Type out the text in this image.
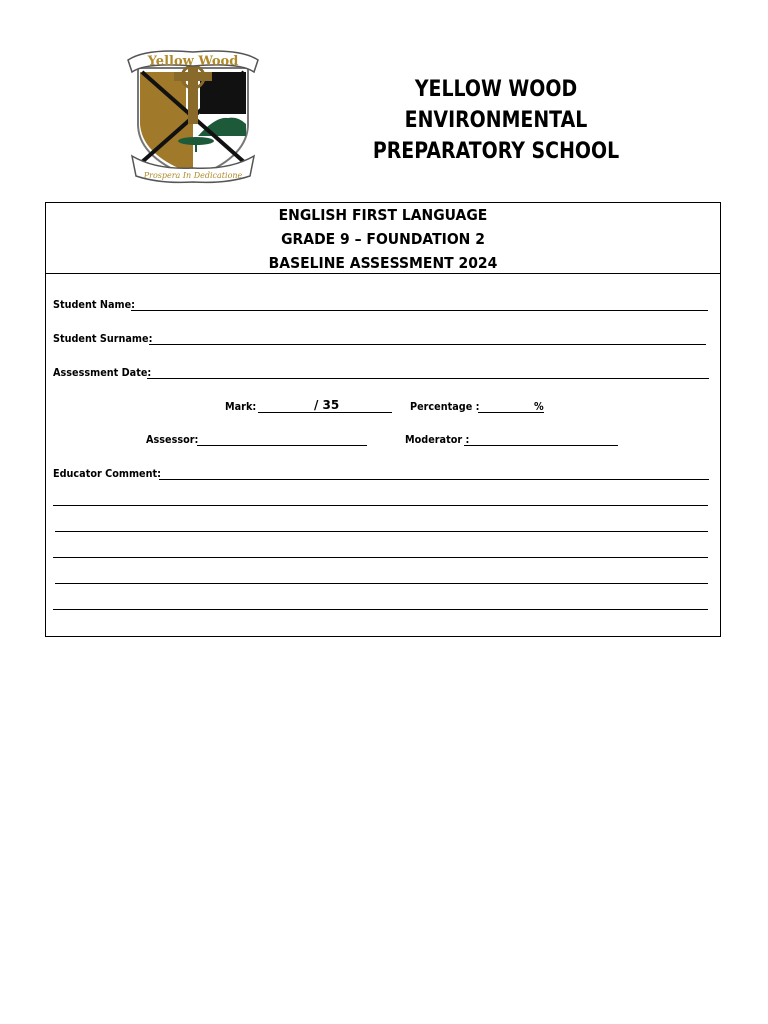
Yellow Wood
Prospera In Dedicatione
YELLOW WOOD ENVIRONMENTAL
PREPARATORY SCHOOL
ENGLISH FIRST LANGUAGE
GRADE 9 – FOUNDATION 2
BASELINE ASSESSMENT 2024
Student Name:
Student Surname:
Assessment Date:
Mark:	/ 35	Percentage :	%
Assessor:	Moderator :
Educator Comment:
